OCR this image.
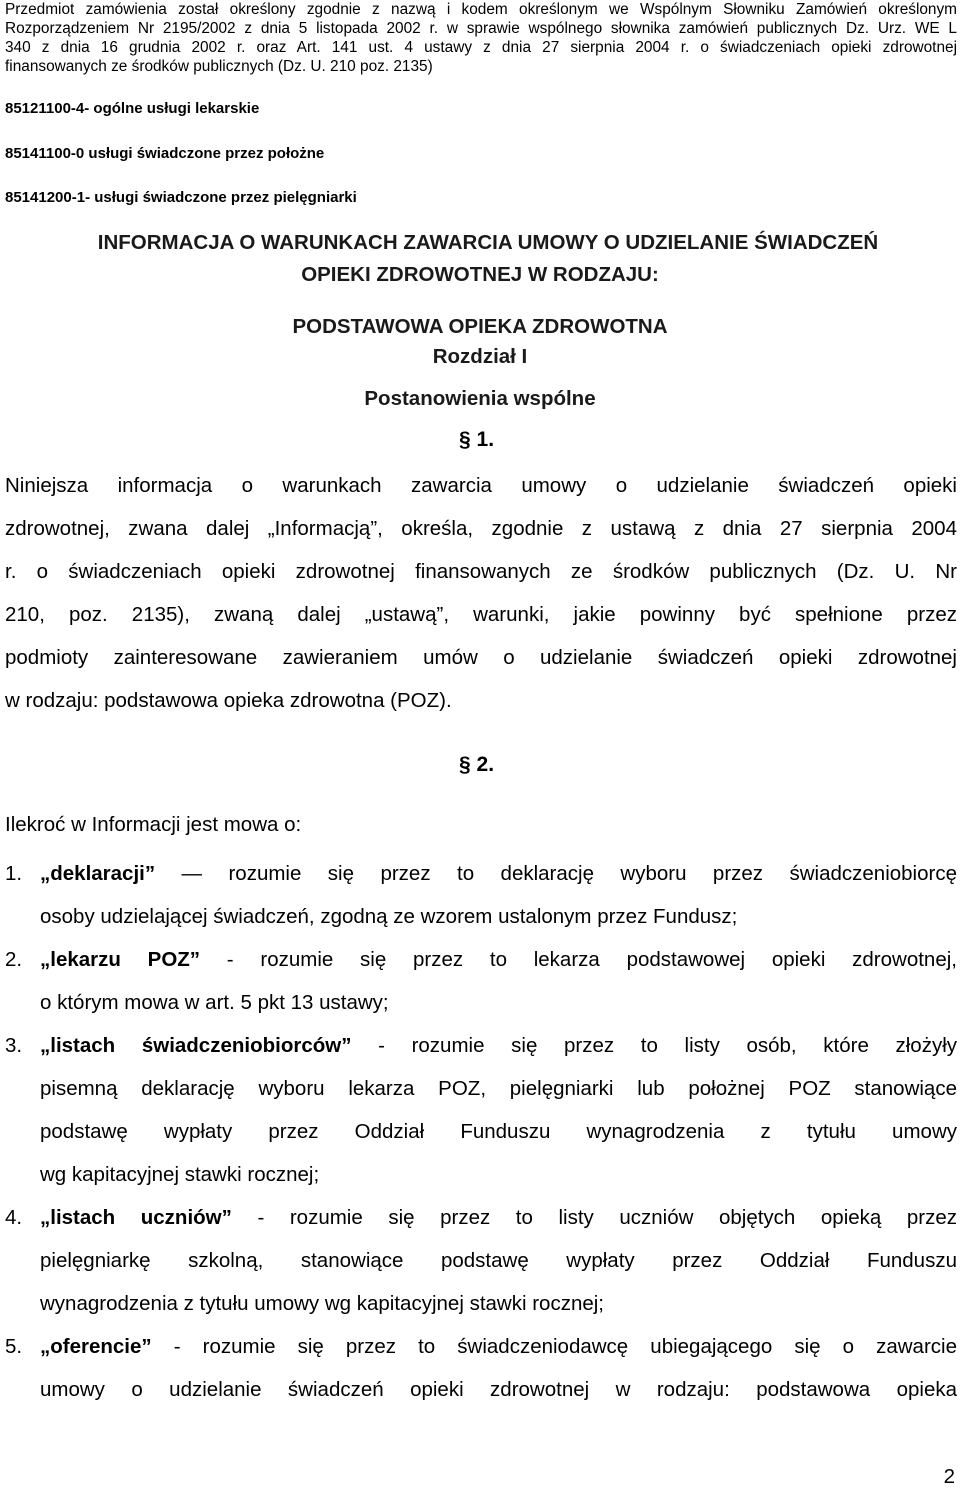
Przedmiot zamówienia został określony zgodnie z nazwą i kodem określonym we Wspólnym Słowniku Zamówień określonym
Rozporządzeniem Nr 2195/2002 z dnia 5 listopada 2002 r. w sprawie wspólnego słownika zamówień publicznych Dz. Urz. WE L
340 z dnia 16 grudnia 2002 r. oraz Art. 141 ust. 4 ustawy z dnia 27 sierpnia 2004 r. o świadczeniach opieki zdrowotnej
finansowanych ze środków publicznych (Dz. U. 210 poz. 2135)
85121100-4- ogólne usługi lekarskie
85141100-0 usługi świadczone przez położne
85141200-1- usługi świadczone przez pielęgniarki
INFORMACJA O WARUNKACH ZAWARCIA UMOWY O UDZIELANIE ŚWIADCZEŃ
OPIEKI ZDROWOTNEJ W RODZAJU:
PODSTAWOWA OPIEKA ZDROWOTNA
Rozdział I
Postanowienia wspólne
§ 1.
Niniejsza informacja o warunkach zawarcia umowy o udzielanie świadczeń opieki
zdrowotnej, zwana dalej „Informacją”, określa, zgodnie z ustawą z dnia 27 sierpnia 2004
r. o świadczeniach opieki zdrowotnej finansowanych ze środków publicznych (Dz. U. Nr
210, poz. 2135), zwaną dalej „ustawą”, warunki, jakie powinny być spełnione przez
podmioty zainteresowane zawieraniem umów o udzielanie świadczeń opieki zdrowotnej
w rodzaju: podstawowa opieka zdrowotna (POZ).
§ 2.
Ilekroć w Informacji jest mowa o:
1. „deklaracji” — rozumie się przez to deklarację wyboru przez świadczeniobiorcę
osoby udzielającej świadczeń, zgodną ze wzorem ustalonym przez Fundusz;
2. „lekarzu POZ” - rozumie się przez to lekarza podstawowej opieki zdrowotnej,
o którym mowa w art. 5 pkt 13 ustawy;
3. „listach świadczeniobiorców” - rozumie się przez to listy osób, które złożyły
pisemną deklarację wyboru lekarza POZ, pielęgniarki lub położnej POZ stanowiące
podstawę wypłaty przez Oddział Funduszu wynagrodzenia z tytułu umowy
wg kapitacyjnej stawki rocznej;
4. „listach uczniów” - rozumie się przez to listy uczniów objętych opieką przez
pielęgniarkę szkolną, stanowiące podstawę wypłaty przez Oddział Funduszu
wynagrodzenia z tytułu umowy wg kapitacyjnej stawki rocznej;
5. „oferencie” - rozumie się przez to świadczeniodawcę ubiegającego się o zawarcie
umowy o udzielanie świadczeń opieki zdrowotnej w rodzaju: podstawowa opieka
2
